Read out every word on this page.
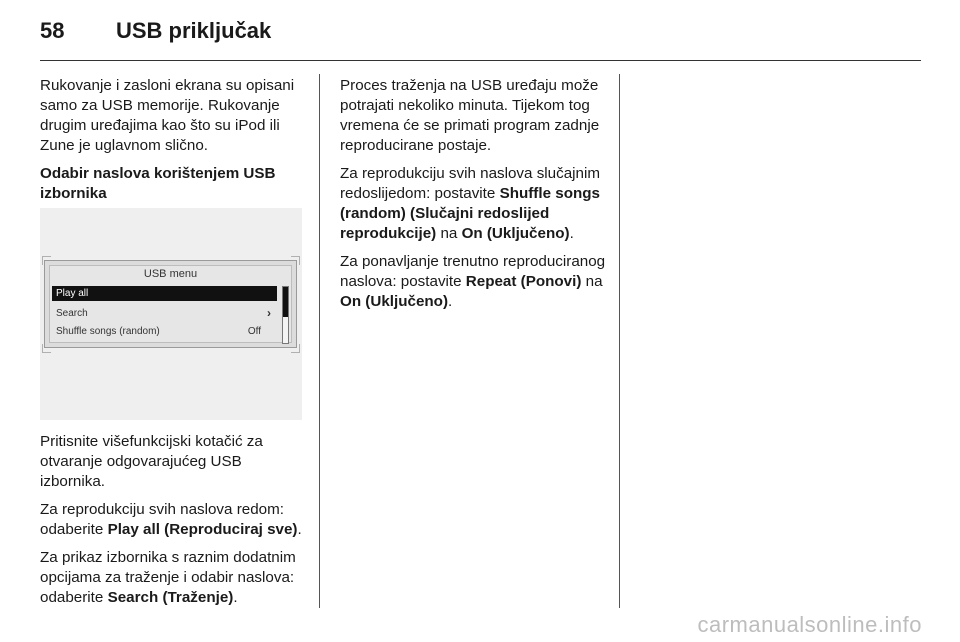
58 USB priključak

Rukovanje i zasloni ekrana su opisani samo za USB memorije. Rukovanje drugim uređajima kao što su iPod ili Zune je uglavnom slično.

Odabir naslova korištenjem USB izbornika

USB menu
Play all
Search	›
Shuffle songs (random)	Off

Pritisnite višefunkcijski kotačić za otvaranje odgovarajućeg USB izbornika.

Za reprodukciju svih naslova redom: odaberite Play all (Reproduciraj sve).

Za prikaz izbornika s raznim dodatnim opcijama za traženje i odabir naslova: odaberite Search (Traženje).

Proces traženja na USB uređaju može potrajati nekoliko minuta. Tijekom tog vremena će se primati program zadnje reproducirane postaje.

Za reprodukciju svih naslova slučajnim redoslijedom: postavite Shuffle songs (random) (Slučajni redoslijed reprodukcije) na On (Uključeno).

Za ponavljanje trenutno reproduciranog naslova: postavite Repeat (Ponovi) na On (Uključeno).

carmanualsonline.info
